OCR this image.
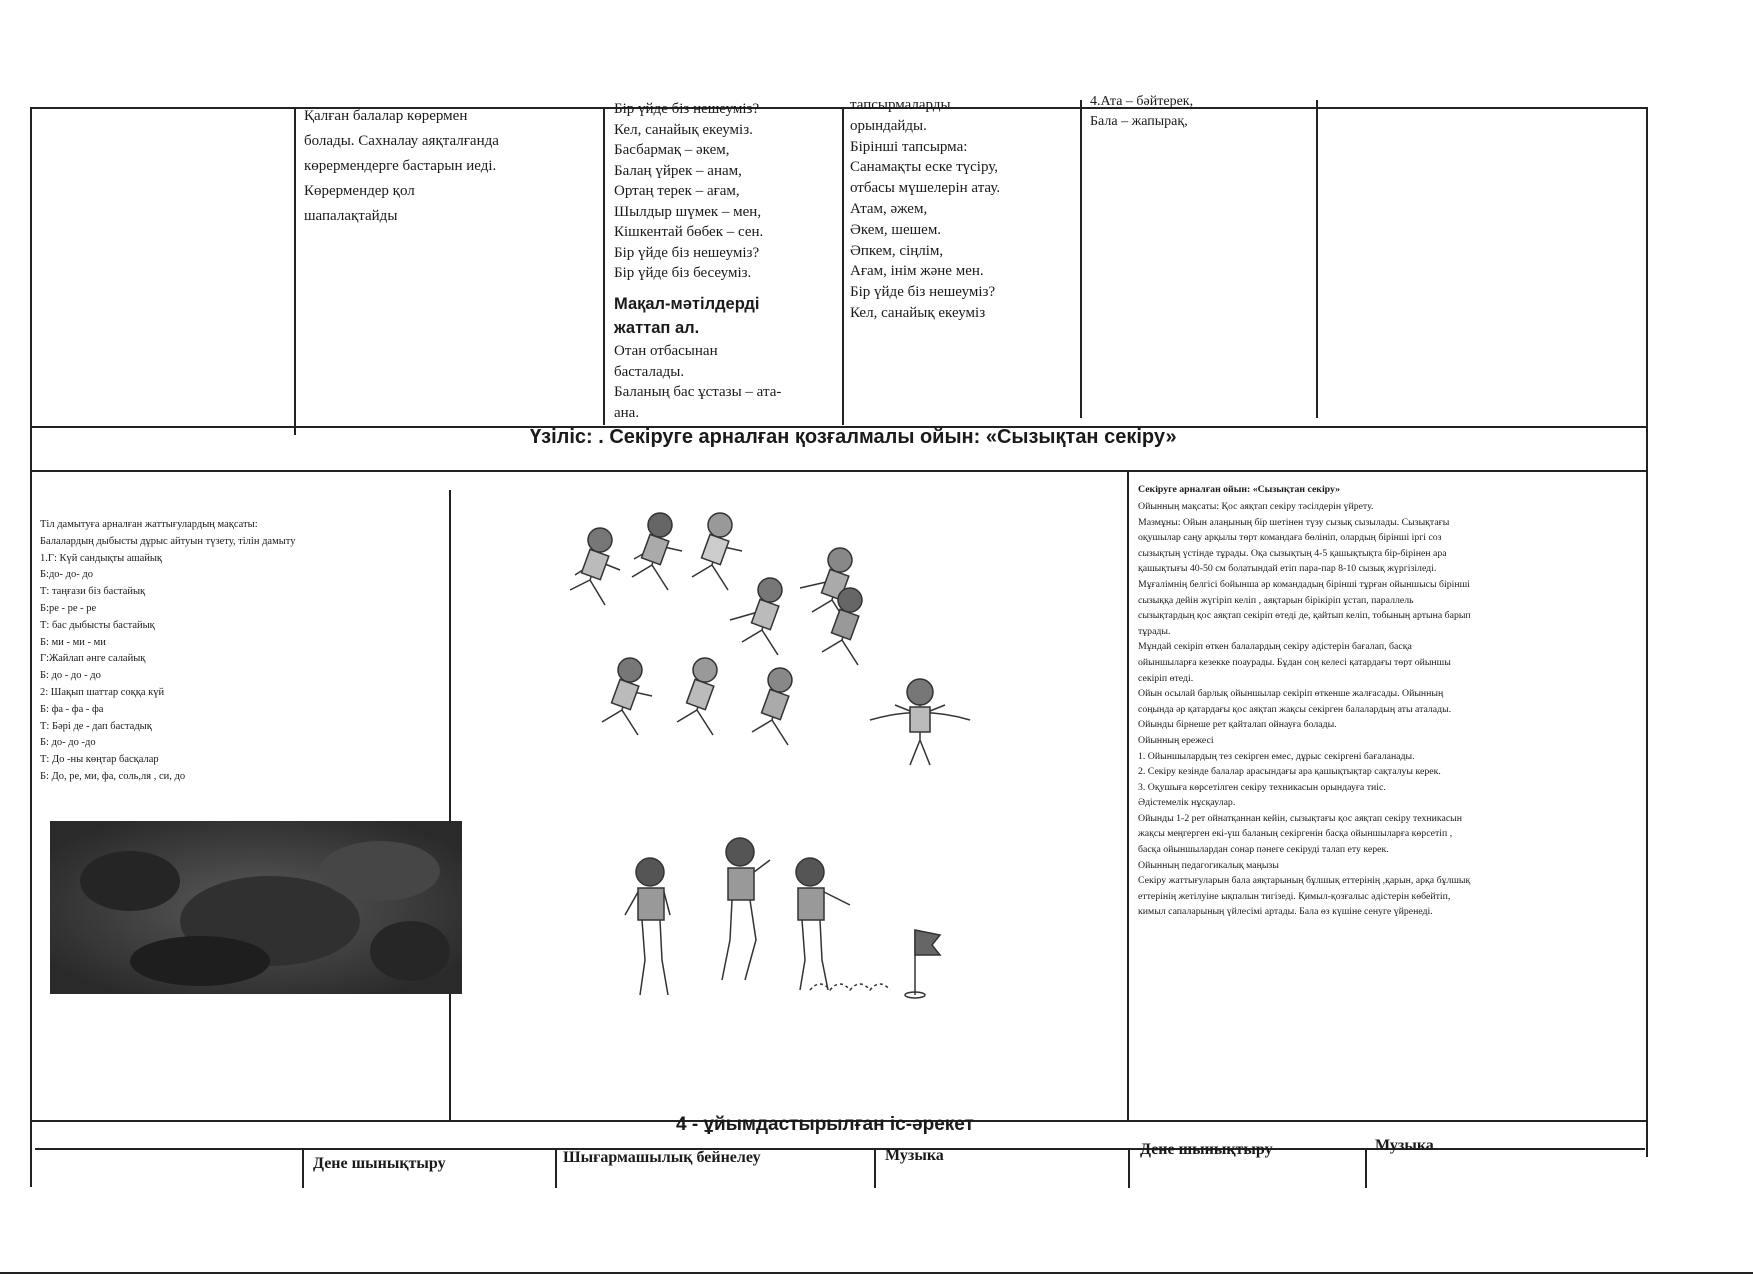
Қалған балалар көрермен
болады. Сахналау аяқталғанда
көрермендерге бастарын иеді.
Көрермендер қол
шапалақтайды
Бір үйде біз нешеуміз?
Кел, санайық екеуміз.
Басбармақ – әкем,
Балаң үйрек – анам,
Ортаң терек – ағам,
Шылдыр шүмек – мен,
Кішкентай бөбек – сен.
Бір үйде біз нешеуміз?
Бір үйде біз бесеуміз.
Мақал-мәтілдерді
жаттап ал.
Отан отбасынан
басталады.
Баланың бас ұстазы – ата-
ана.
тапсырмаларды
орындайды.
Бірінші тапсырма:
Санамақты еске түсіру,
отбасы мүшелерін атау.
Атам, әжем,
Әкем, шешем.
Әпкем, сіңлім,
Ағам, інім және мен.
Бір үйде біз нешеуміз?
Кел, санайық екеуміз
4.Ата – бәйтерек,
Бала – жапырақ,
Үзіліс: . Секіруге арналған қозғалмалы ойын: «Сызықтан секіру»
Тіл дамытуға арналған жаттығулардың мақсаты:
Балалардың дыбысты дұрыс айтуын түзету, тілін дамыту
1.Г: Күй сандықты ашайық
Б:до- до- до
Т: таңғази біз бастайық
Б:ре - ре - ре
Т: бас дыбысты бастайық
Б: ми - ми - ми
Г:Жайлап әнге салайық
Б: до - до - до
2: Шақып шаттар соққа күй
Б: фа - фа - фа
Т: Бәрі де - дап бастадық
Б: до- до -до
Т: До -ны көңтар басқалар
Б: До, ре, ми, фа, соль,ля , си, до
Секіруге арналған ойын: «Сызықтан секіру»
Ойынның мақсаты: Қос аяқтап секіру тәсілдерін үйрету.
Мазмұны: Ойын алаңының бір шетінен түзу сызық сызылады. Сызықтағы
оқушылар саңу арқылы төрт командаға бөлініп, олардың бірінші іргі соз
сызықтың үстінде тұрады. Оқа сызықтың 4-5 қашықтықта бір-бірінен ара
қашықтығы 40-50 см болатындай етіп пара-пар 8-10 сызық жүргізіледі.
Мұғалімнің белгісі бойынша әр командадың бірінші тұрған ойыншысы бірінші
сызыққа дейін жүгіріп келіп , аяқтарын бірікіріп ұстап, параллель
сызықтардың қос аяқтап секіріп өтеді де, қайтып келіп, тобының артына барып
тұрады.
Мұндай секіріп өткен балалардың секіру әдістерін бағалап, басқа
ойыншыларға кезекке поаурады. Бұдан соң келесі қатардағы төрт ойыншы
секіріп өтеді.
Ойын осылай барлық ойыншылар секіріп өткенше жалғасады. Ойынның
соңында әр қатардағы қос аяқтап жақсы секірген балалардың аты аталады.
Ойынды бірнеше рет қайталап ойнауға болады.
Ойынның ережесі
1. Ойыншылардың тез секірген емес, дұрыс секіргені бағаланады.
2. Секіру кезінде балалар арасындағы ара қашықтықтар сақталуы керек.
3. Оқушыға көрсетілген секіру техникасын орындауға тиіс.
Әдістемелік нұсқаулар.
Ойынды 1-2 рет ойнатқаннан кейін, сызықтағы қос аяқтап секіру техникасын
жақсы меңгерген екі-үш баланың секіргенін басқа ойыншыларға көрсетіп ,
басқа ойыншылардан сонар пәнеге секіруді талап ету керек.
Ойынның педагогикалық маңызы
Секіру жаттығуларын бала аяқтарының бұлшық еттерінің ,қарын, арқа бұлшық
еттерінің жетілуіне ықпалын тигізеді. Қимыл-қозғалыс әдістерін көбейтіп,
кимыл сапаларының үйлесімі артады. Бала өз күшіне сенуге үйренеді.
4 - ұйымдастырылған іс-әрекет
Дене шынықтыру	Шығармашылық бейнелеу	Музыка	Дене шынықтыру	Музыка
